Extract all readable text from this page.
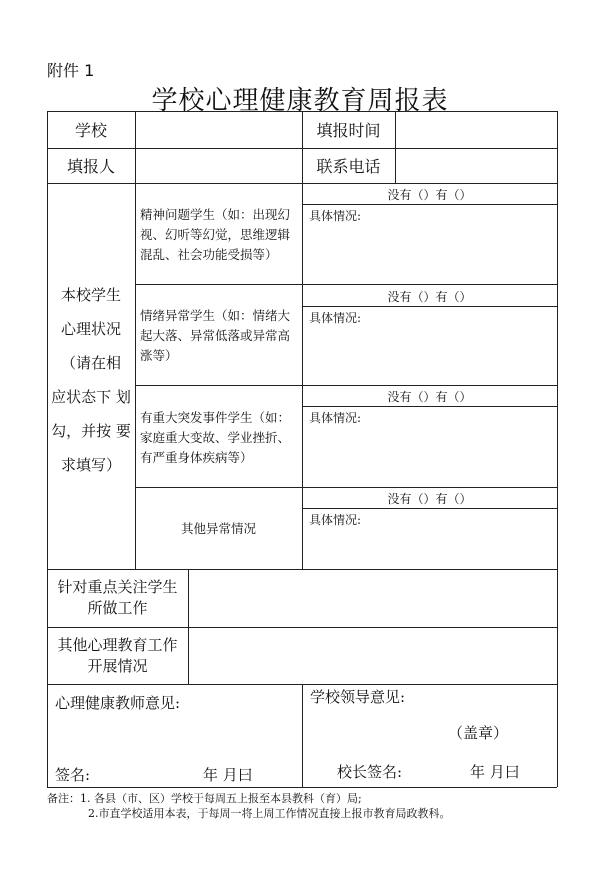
附件 1
学校心理健康教育周报表
学校	填报时间
填报人	联系电话
本校学生
心理状况
（请在相
应状态下 划
勾，并按 要
求填写）
精神问题学生（如：出现幻
视、幻听等幻觉，思维逻辑
混乱、社会功能受损等）
没有（）有（）
具体情况:
情绪异常学生（如：情绪大
起大落、异常低落或异常高
涨等）
没有（）有（）
具体情况:
有重大突发事件学生（如：
家庭重大变故、学业挫折、
有严重身体疾病等）
没有（）有（）
具体情况:
其他异常情况
没有（）有（）
具体情况:
针对重点关注学生
所做工作
其他心理教育工作
开展情况
心理健康教师意见:
签名:	年 月曰
学校领导意见:
（盖章）
校长签名:	年 月曰
备注：1. 各县（市、区）学校于每周五上报至本县教科（育）局;
2.市直学校适用本表，于每周一将上周工作情况直接上报市教育局政教科。
